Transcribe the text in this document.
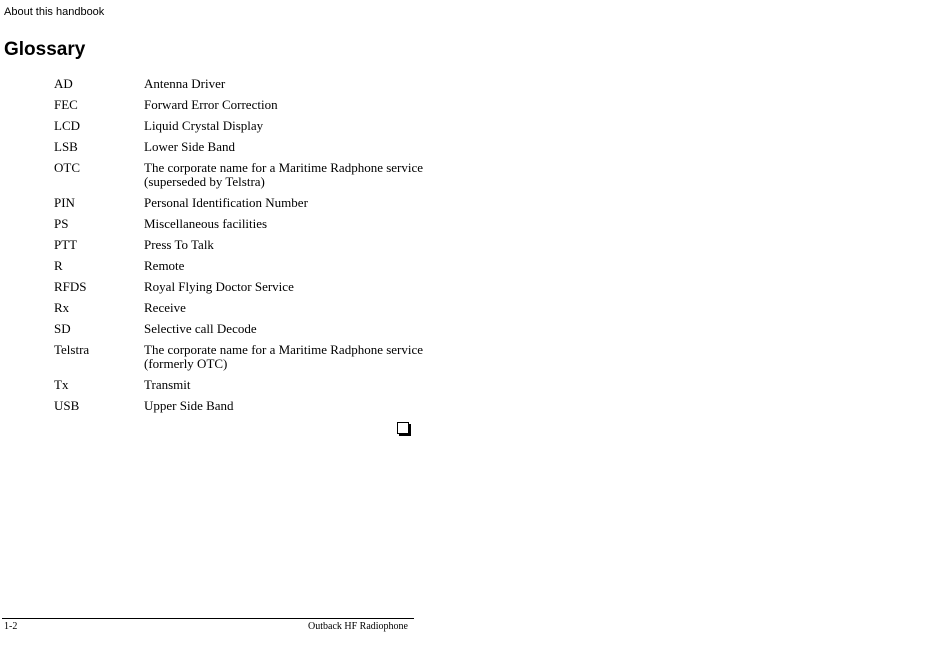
About this handbook
Glossary
AD	Antenna Driver
FEC	Forward Error Correction
LCD	Liquid Crystal Display
LSB	Lower Side Band
OTC	The corporate name for a Maritime Radphone service (superseded by Telstra)
PIN	Personal Identification Number
PS	Miscellaneous facilities
PTT	Press To Talk
R	Remote
RFDS	Royal Flying Doctor Service
Rx	Receive
SD	Selective call Decode
Telstra	The corporate name for a Maritime Radphone service (formerly OTC)
Tx	Transmit
USB	Upper Side Band
1-2	Outback HF Radiophone
